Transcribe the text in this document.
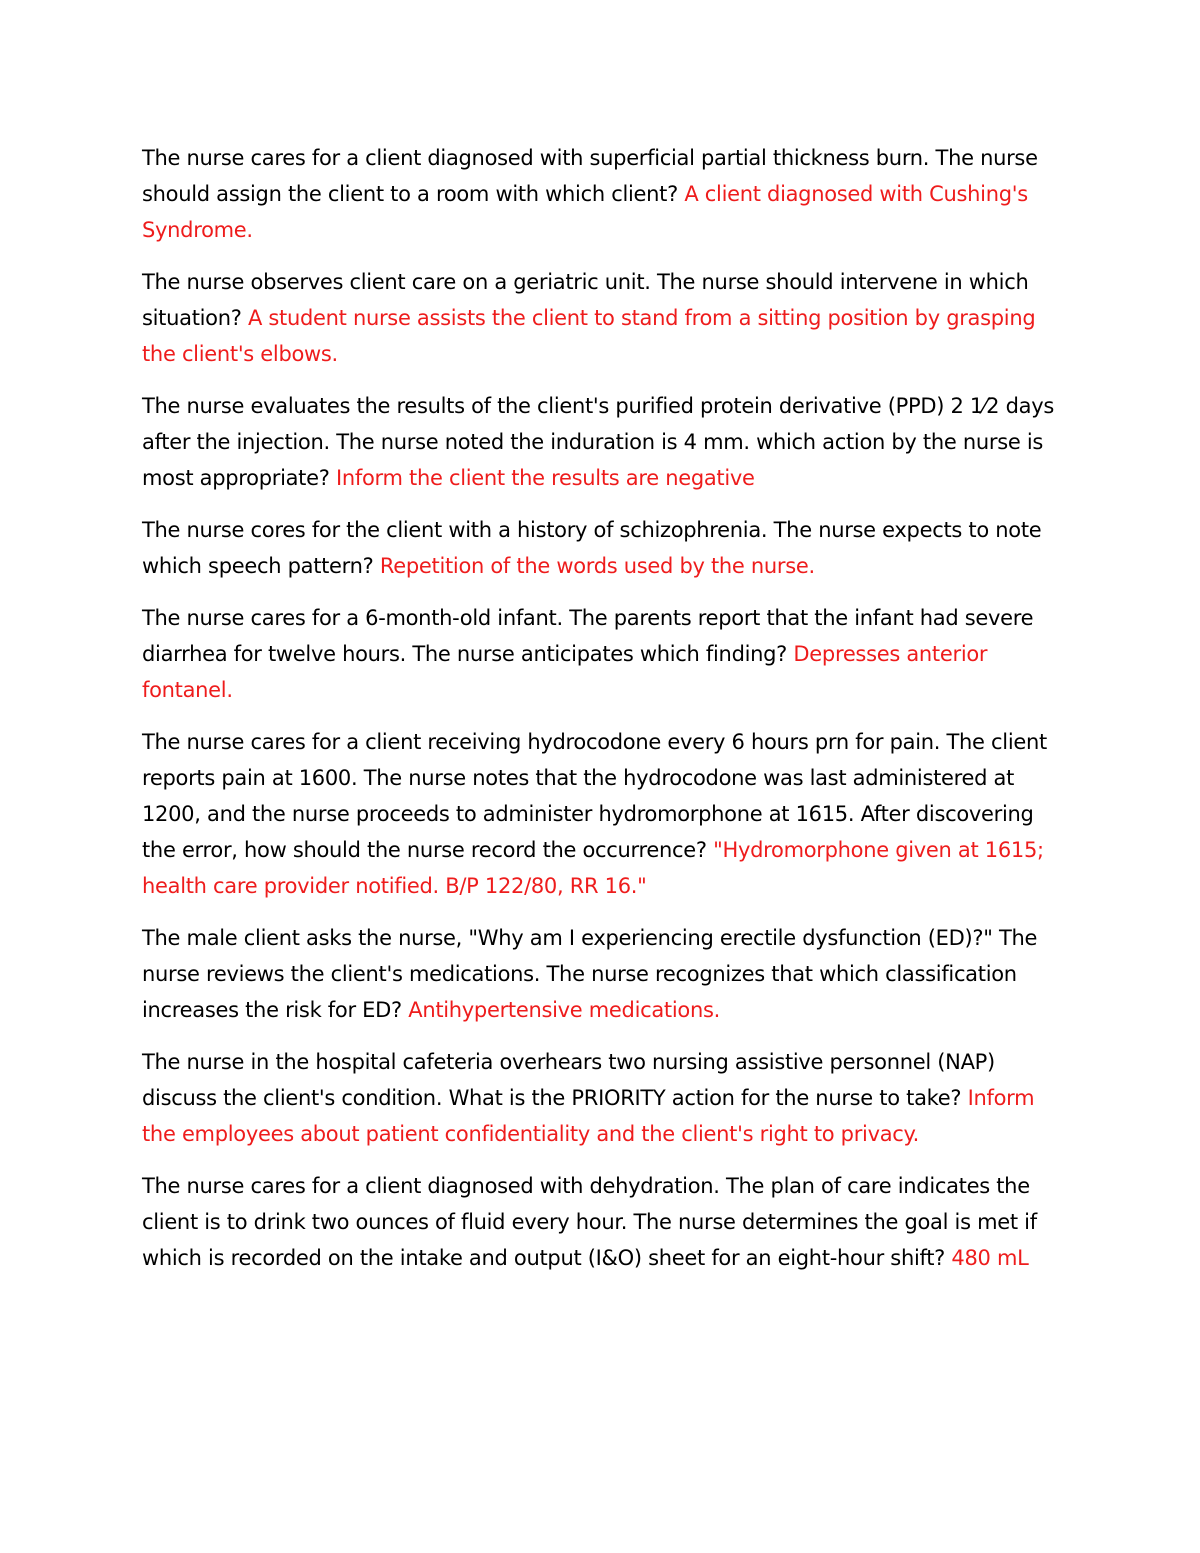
The nurse cares for a client diagnosed with superficial partial thickness burn. The nurse should assign the client to a room with which client? A client diagnosed with Cushing's Syndrome.

The nurse observes client care on a geriatric unit. The nurse should intervene in which situation? A student nurse assists the client to stand from a sitting position by grasping the client's elbows.

The nurse evaluates the results of the client's purified protein derivative (PPD) 2 1⁄2 days after the injection. The nurse noted the induration is 4 mm. which action by the nurse is most appropriate? Inform the client the results are negative

The nurse cores for the client with a history of schizophrenia. The nurse expects to note which speech pattern? Repetition of the words used by the nurse.

The nurse cares for a 6-month-old infant. The parents report that the infant had severe diarrhea for twelve hours. The nurse anticipates which finding? Depresses anterior fontanel.

The nurse cares for a client receiving hydrocodone every 6 hours prn for pain. The client reports pain at 1600. The nurse notes that the hydrocodone was last administered at 1200, and the nurse proceeds to administer hydromorphone at 1615. After discovering the error, how should the nurse record the occurrence? "Hydromorphone given at 1615; health care provider notified. B/P 122/80, RR 16."

The male client asks the nurse, "Why am I experiencing erectile dysfunction (ED)?" The nurse reviews the client's medications. The nurse recognizes that which classification increases the risk for ED? Antihypertensive medications.

The nurse in the hospital cafeteria overhears two nursing assistive personnel (NAP) discuss the client's condition. What is the PRIORITY action for the nurse to take? Inform the employees about patient confidentiality and the client's right to privacy.

The nurse cares for a client diagnosed with dehydration. The plan of care indicates the client is to drink two ounces of fluid every hour. The nurse determines the goal is met if which is recorded on the intake and output (I&O) sheet for an eight-hour shift? 480 mL
